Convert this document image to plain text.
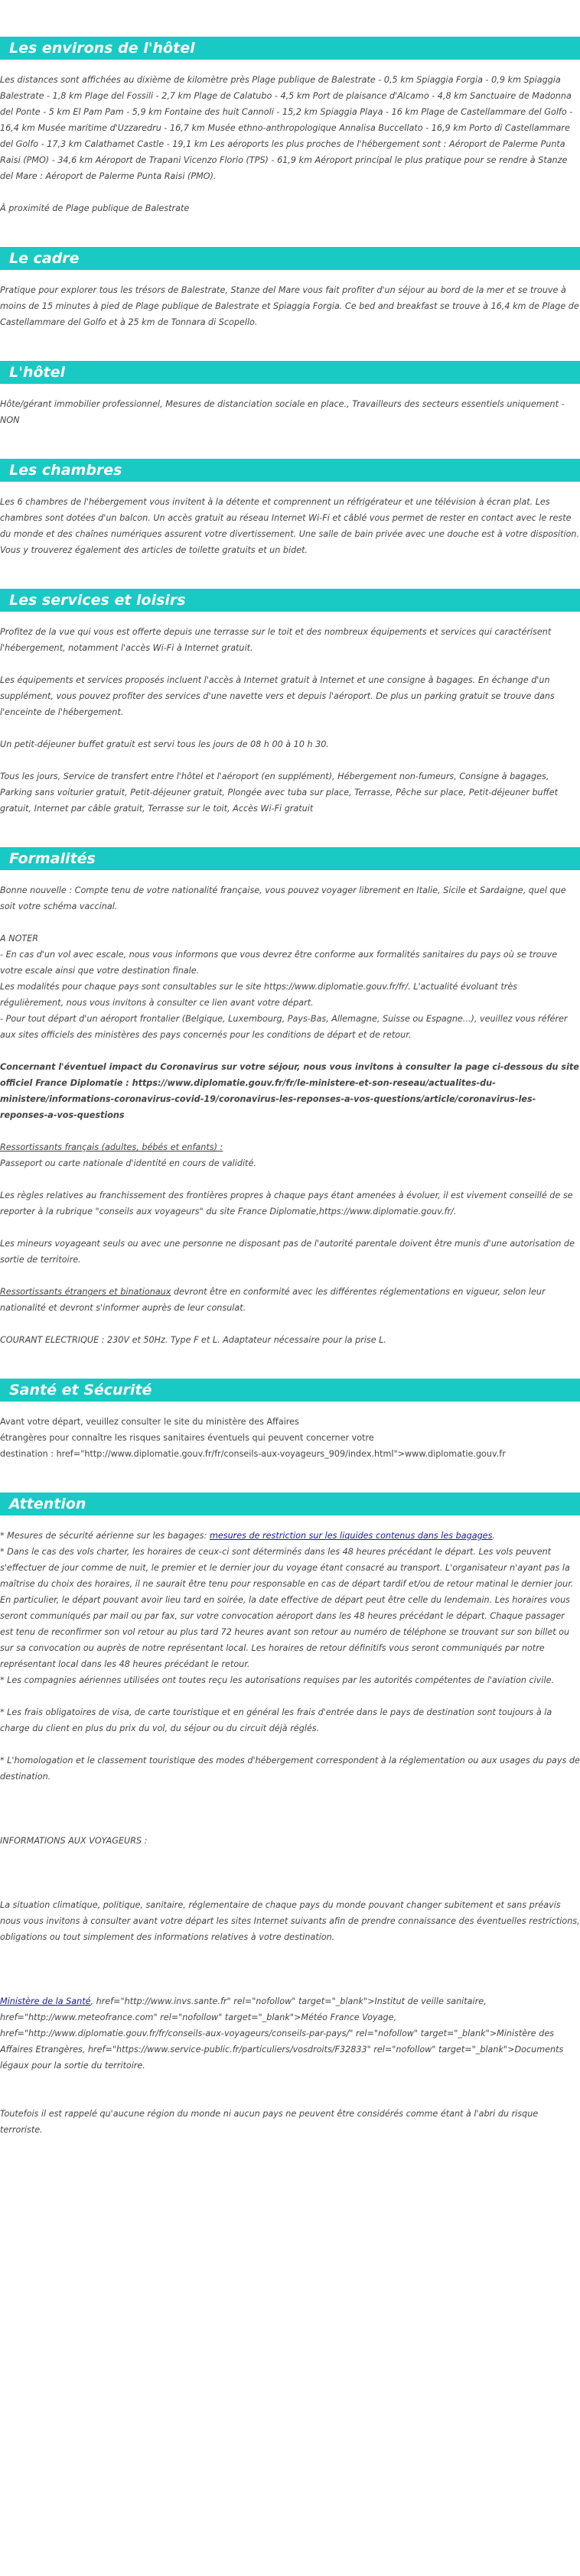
Les environs de l'hôtel

Les distances sont affichées au dixième de kilomètre près Plage publique de Balestrate - 0,5 km Spiaggia Forgia - 0,9 km Spiaggia Balestrate - 1,8 km Plage del Fossili - 2,7 km Plage de Calatubo - 4,5 km Port de plaisance d'Alcamo - 4,8 km Sanctuaire de Madonna del Ponte - 5 km El Pam Pam - 5,9 km Fontaine des huit Cannoli - 15,2 km Spiaggia Playa - 16 km Plage de Castellammare del Golfo - 16,4 km Musée maritime d'Uzzaredru - 16,7 km Musée ethno-anthropologique Annalisa Buccellato - 16,9 km Porto di Castellammare del Golfo - 17,3 km Calathamet Castle - 19,1 km Les aéroports les plus proches de l'hébergement sont : Aéroport de Palerme Punta Raisi (PMO) - 34,6 km Aéroport de Trapani Vicenzo Florio (TPS) - 61,9 km Aéroport principal le plus pratique pour se rendre à Stanze del Mare : Aéroport de Palerme Punta Raisi (PMO).

À proximité de Plage publique de Balestrate

Le cadre

Pratique pour explorer tous les trésors de Balestrate, Stanze del Mare vous fait profiter d'un séjour au bord de la mer et se trouve à moins de 15 minutes à pied de Plage publique de Balestrate et Spiaggia Forgia. Ce bed and breakfast se trouve à 16,4 km de Plage de Castellammare del Golfo et à 25 km de Tonnara di Scopello.

L'hôtel

Hôte/gérant immobilier professionnel, Mesures de distanciation sociale en place., Travailleurs des secteurs essentiels uniquement - NON

Les chambres

Les 6 chambres de l'hébergement vous invitent à la détente et comprennent un réfrigérateur et une télévision à écran plat. Les chambres sont dotées d'un balcon. Un accès gratuit au réseau Internet Wi-Fi et câblé vous permet de rester en contact avec le reste du monde et des chaînes numériques assurent votre divertissement. Une salle de bain privée avec une douche est à votre disposition. Vous y trouverez également des articles de toilette gratuits et un bidet.

Les services et loisirs

Profitez de la vue qui vous est offerte depuis une terrasse sur le toit et des nombreux équipements et services qui caractérisent l'hébergement, notamment l'accès Wi-Fi à Internet gratuit.

Les équipements et services proposés incluent l'accès à Internet gratuit à Internet et une consigne à bagages. En échange d'un supplément, vous pouvez profiter des services d'une navette vers et depuis l'aéroport. De plus un parking gratuit se trouve dans l'enceinte de l'hébergement.

Un petit-déjeuner buffet gratuit est servi tous les jours de 08 h 00 à 10 h 30.

Tous les jours, Service de transfert entre l'hôtel et l'aéroport (en supplément), Hébergement non-fumeurs, Consigne à bagages, Parking sans voiturier gratuit, Petit-déjeuner gratuit, Plongée avec tuba sur place, Terrasse, Pêche sur place, Petit-déjeuner buffet gratuit, Internet par câble gratuit, Terrasse sur le toit, Accès Wi-Fi gratuit

Formalités

Bonne nouvelle : Compte tenu de votre nationalité française, vous pouvez voyager librement en Italie, Sicile et Sardaigne, quel que soit votre schéma vaccinal.

A NOTER

- En cas d'un vol avec escale, nous vous informons que vous devrez être conforme aux formalités sanitaires du pays où se trouve votre escale ainsi que votre destination finale.

Les modalités pour chaque pays sont consultables sur le site https://www.diplomatie.gouv.fr/fr/. L'actualité évoluant très régulièrement, nous vous invitons à consulter ce lien avant votre départ.

- Pour tout départ d'un aéroport frontalier (Belgique, Luxembourg, Pays-Bas, Allemagne, Suisse ou Espagne...), veuillez vous référer aux sites officiels des ministères des pays concernés pour les conditions de départ et de retour.

Concernant l'éventuel impact du Coronavirus sur votre séjour, nous vous invitons à consulter la page ci-dessous du site officiel France Diplomatie : https://www.diplomatie.gouv.fr/fr/le-ministere-et-son-reseau/actualites-du-ministere/informations-coronavirus-covid-19/coronavirus-les-reponses-a-vos-questions/article/coronavirus-les-reponses-a-vos-questions

Ressortissants français (adultes, bébés et enfants) :

Passeport ou carte nationale d'identité en cours de validité.

Les règles relatives au franchissement des frontières propres à chaque pays étant amenées à évoluer, il est vivement conseillé de se reporter à la rubrique "conseils aux voyageurs" du site France Diplomatie,https://www.diplomatie.gouv.fr/.

Les mineurs voyageant seuls ou avec une personne ne disposant pas de l'autorité parentale doivent être munis d'une autorisation de sortie de territoire.

Ressortissants étrangers et binationaux devront être en conformité avec les différentes réglementations en vigueur, selon leur nationalité et devront s'informer auprès de leur consulat.

COURANT ELECTRIQUE : 230V et 50Hz. Type F et L. Adaptateur nécessaire pour la prise L.

Santé et Sécurité

Avant votre départ, veuillez consulter le site du ministère des Affaires

étrangères pour connaître les risques sanitaires éventuels qui peuvent concerner votre

destination : href="http://www.diplomatie.gouv.fr/fr/conseils-aux-voyageurs_909/index.html">www.diplomatie.gouv.fr

Attention

* Mesures de sécurité aérienne sur les bagages: mesures de restriction sur les liquides contenus dans les bagages.

* Dans le cas des vols charter, les horaires de ceux-ci sont déterminés dans les 48 heures précédant le départ. Les vols peuvent s'effectuer de jour comme de nuit, le premier et le dernier jour du voyage étant consacré au transport. L'organisateur n'ayant pas la maîtrise du choix des horaires, il ne saurait être tenu pour responsable en cas de départ tardif et/ou de retour matinal le dernier jour. En particulier, le départ pouvant avoir lieu tard en soirée, la date effective de départ peut être celle du lendemain. Les horaires vous seront communiqués par mail ou par fax, sur votre convocation aéroport dans les 48 heures précédant le départ. Chaque passager est tenu de reconfirmer son vol retour au plus tard 72 heures avant son retour au numéro de téléphone se trouvant sur son billet ou sur sa convocation ou auprès de notre représentant local. Les horaires de retour définitifs vous seront communiqués par notre représentant local dans les 48 heures précédant le retour.

* Les compagnies aériennes utilisées ont toutes reçu les autorisations requises par les autorités compétentes de l'aviation civile.

* Les frais obligatoires de visa, de carte touristique et en général les frais d'entrée dans le pays de destination sont toujours à la charge du client en plus du prix du vol, du séjour ou du circuit déjà réglés.

* L'homologation et le classement touristique des modes d'hébergement correspondent à la réglementation ou aux usages du pays de destination.

INFORMATIONS AUX VOYAGEURS :

La situation climatique, politique, sanitaire, réglementaire de chaque pays du monde pouvant changer subitement et sans préavis

nous vous invitons à consulter avant votre départ les sites Internet suivants afin de prendre connaissance des éventuelles restrictions, obligations ou tout simplement des informations relatives à votre destination.

Ministère de la Santé, href="http://www.invs.sante.fr" rel="nofollow" target="_blank">Institut de veille sanitaire, href="http://www.meteofrance.com" rel="nofollow" target="_blank">Météo France Voyage, href="http://www.diplomatie.gouv.fr/fr/conseils-aux-voyageurs/conseils-par-pays/" rel="nofollow" target="_blank">Ministère des Affaires Etrangères, href="https://www.service-public.fr/particuliers/vosdroits/F32833" rel="nofollow" target="_blank">Documents légaux pour la sortie du territoire.

Toutefois il est rappelé qu'aucune région du monde ni aucun pays ne peuvent être considérés comme étant à l'abri du risque terroriste.
